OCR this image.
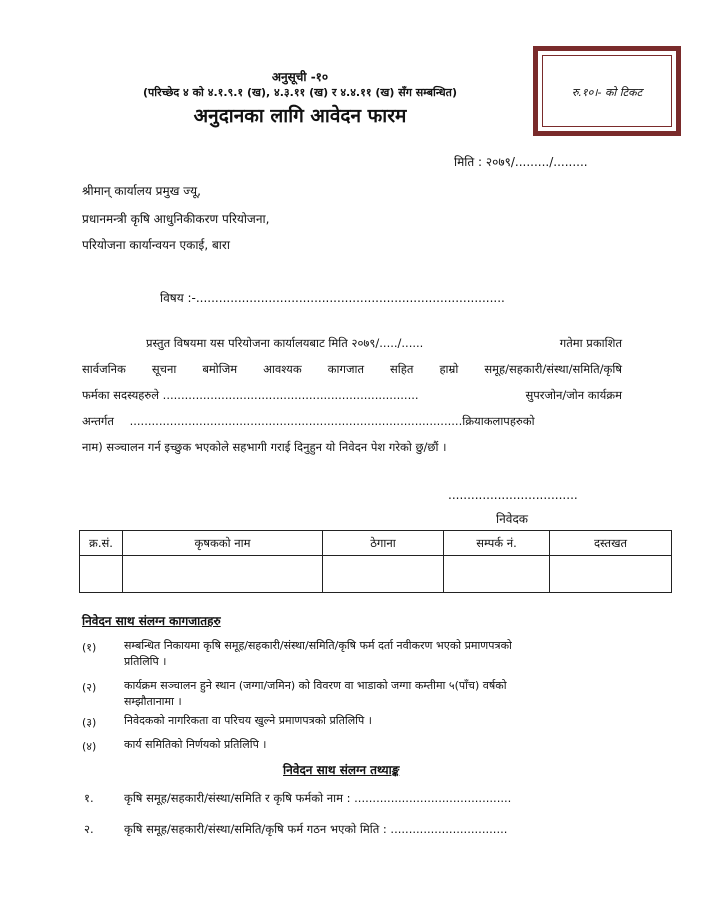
अनुसूची -१०
(परिच्छेद ४ को ४.१.९.१ (ख), ४.३.११ (ख) र ४.४.११ (ख) सँग सम्बन्धित)
अनुदानका लागि आवेदन फारम
रु.१०।- को टिकट
मिति : २०७९/........./.........
श्रीमान् कार्यालय प्रमुख ज्यू,
प्रधानमन्त्री कृषि आधुनिकीकरण परियोजना,
परियोजना कार्यान्वयन एकाई, बारा
विषय :-.................................................................................
प्रस्तुत विषयमा यस परियोजना कार्यालयबाट मिति २०७९/...../......	गतेमा प्रकाशित
सार्वजनिक सूचना बमोजिम आवश्यक कागजात सहित हाम्रो समूह/सहकारी/संस्था/समिति/कृषि
फर्मका सदस्यहरुले ......................................................................	सुपरजोन/जोन कार्यक्रम
अन्तर्गत ...........................................................................................क्रियाकलापहरुको
नाम) सञ्चालन गर्न इच्छुक भएकोले सहभागी गराई दिनुहुन यो निवेदन पेश गरेको छु/छौं ।
..................................
निवेदक
क्र.सं.	कृषकको नाम	ठेगाना	सम्पर्क नं.	दस्तखत

निवेदन साथ संलग्न कागजातहरु
(१)	सम्बन्धित निकायमा कृषि समूह/सहकारी/संस्था/समिति/कृषि फर्म दर्ता नवीकरण भएको प्रमाणपत्रको
प्रतिलिपि ।
(२)	कार्यक्रम सञ्चालन हुने स्थान (जग्गा/जमिन) को विवरण वा भाडाको जग्गा कम्तीमा ५(पाँच) वर्षको
सम्झौतानामा ।
(३)	निवेदकको नागरिकता वा परिचय खुल्ने प्रमाणपत्रको प्रतिलिपि ।
(४)	कार्य समितिको निर्णयको प्रतिलिपि ।
निवेदन साथ संलग्न तथ्याङ्क
१.	कृषि समूह/सहकारी/संस्था/समिति र कृषि फर्मको नाम : ...........................................
२.	कृषि समूह/सहकारी/संस्था/समिति/कृषि फर्म गठन भएको मिति : ................................
